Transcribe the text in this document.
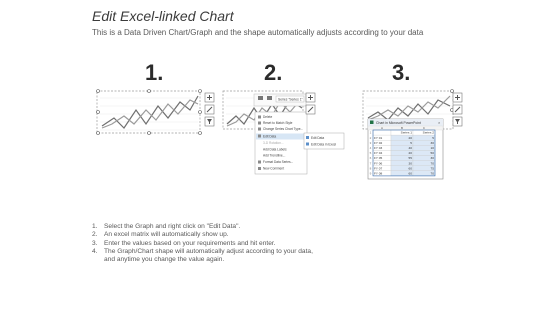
Edit Excel-linked Chart
This is a Data Driven Chart/Graph and the shape automatically adjusts according to your data
1.	2.	3.
Series "Series 1"
Delete
Reset to Match Style
Change Series Chart Type...
Edit Data
3-D Rotation...
Add Data Labels
Add Trendline...
Format Data Series...
New Comment
Edit Data
Edit Data in Excel
Chart in Microsoft PowerPoint	×
A	B	C
1	Series 1	Series 2
2 FY 01	20	5
3 FY 02	5	30
4 FY 03	40	10
5 FY 04	20	50
6 FY 05	55	30
7 FY 06	30	70
8 FY 07	60	75
9 FY 08	60	70
1. Select the Graph and right click on "Edit Data".
2. An excel matrix will automatically show up.
3. Enter the values based on your requirements and hit enter.
4. The Graph/Chart shape will automatically adjust according to your data,
and anytime you change the value again.
